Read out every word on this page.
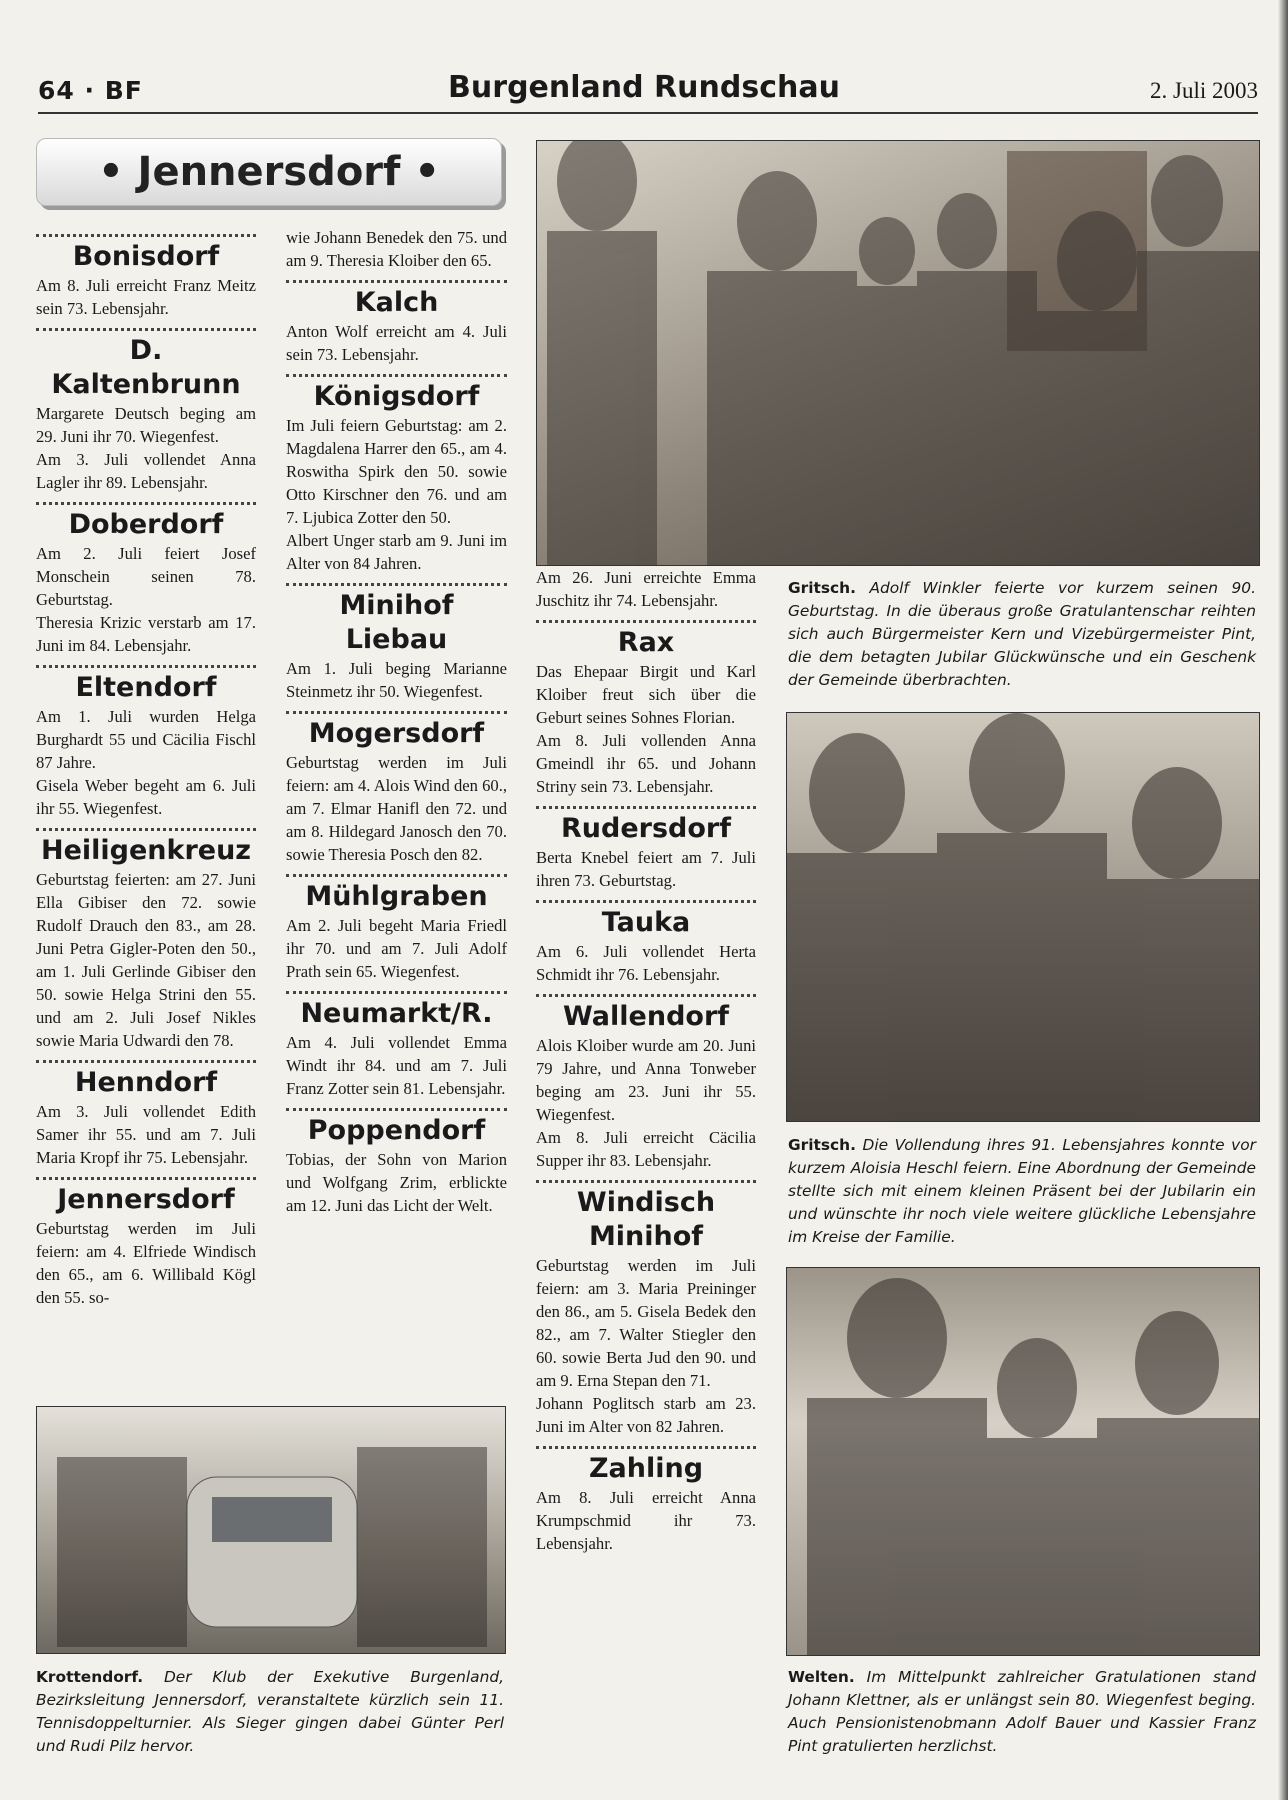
64 · BF	Burgenland Rundschau	2. Juli 2003
• Jennersdorf •
Bonisdorf

Am 8. Juli erreicht Franz Meitz sein 73. Lebensjahr.

D. Kaltenbrunn

Margarete Deutsch beging am 29. Juni ihr 70. Wiegenfest.

Am 3. Juli vollendet Anna Lagler ihr 89. Lebensjahr.

Doberdorf

Am 2. Juli feiert Josef Monschein seinen 78. Geburtstag.

Theresia Krizic verstarb am 17. Juni im 84. Lebensjahr.

Eltendorf

Am 1. Juli wurden Helga Burghardt 55 und Cäcilia Fischl 87 Jahre.

Gisela Weber begeht am 6. Juli ihr 55. Wiegenfest.

Heiligenkreuz

Geburtstag feierten: am 27. Juni Ella Gibiser den 72. sowie Rudolf Drauch den 83., am 28. Juni Petra Gigler-Poten den 50., am 1. Juli Gerlinde Gibiser den 50. sowie Helga Strini den 55. und am 2. Juli Josef Nikles sowie Maria Udwardi den 78.

Henndorf

Am 3. Juli vollendet Edith Samer ihr 55. und am 7. Juli Maria Kropf ihr 75. Lebensjahr.

Jennersdorf

Geburtstag werden im Juli feiern: am 4. Elfriede Windisch den 65., am 6. Willibald Kögl den 55. so-

wie Johann Benedek den 75. und am 9. Theresia Kloiber den 65.

Kalch

Anton Wolf erreicht am 4. Juli sein 73. Lebensjahr.

Königsdorf

Im Juli feiern Geburtstag: am 2. Magdalena Harrer den 65., am 4. Roswitha Spirk den 50. sowie Otto Kirschner den 76. und am 7. Ljubica Zotter den 50.

Albert Unger starb am 9. Juni im Alter von 84 Jahren.

Minihof Liebau

Am 1. Juli beging Marianne Steinmetz ihr 50. Wiegenfest.

Mogersdorf

Geburtstag werden im Juli feiern: am 4. Alois Wind den 60., am 7. Elmar Hanifl den 72. und am 8. Hildegard Janosch den 70. sowie Theresia Posch den 82.

Mühlgraben

Am 2. Juli begeht Maria Friedl ihr 70. und am 7. Juli Adolf Prath sein 65. Wiegenfest.

Neumarkt/R.

Am 4. Juli vollendet Emma Windt ihr 84. und am 7. Juli Franz Zotter sein 81. Lebensjahr.

Poppendorf

Tobias, der Sohn von Marion und Wolfgang Zrim, erblickte am 12. Juni das Licht der Welt.

Am 26. Juni erreichte Emma Juschitz ihr 74. Lebensjahr.

Rax

Das Ehepaar Birgit und Karl Kloiber freut sich über die Geburt seines Sohnes Florian.

Am 8. Juli vollenden Anna Gmeindl ihr 65. und Johann Striny sein 73. Lebensjahr.

Rudersdorf

Berta Knebel feiert am 7. Juli ihren 73. Geburtstag.

Tauka

Am 6. Juli vollendet Herta Schmidt ihr 76. Lebensjahr.

Wallendorf

Alois Kloiber wurde am 20. Juni 79 Jahre, und Anna Tonweber beging am 23. Juni ihr 55. Wiegenfest.

Am 8. Juli erreicht Cäcilia Supper ihr 83. Lebensjahr.

Windisch Minihof

Geburtstag werden im Juli feiern: am 3. Maria Preininger den 86., am 5. Gisela Bedek den 82., am 7. Walter Stiegler den 60. sowie Berta Jud den 90. und am 9. Erna Stepan den 71.

Johann Poglitsch starb am 23. Juni im Alter von 82 Jahren.

Zahling

Am 8. Juli erreicht Anna Krumpschmid ihr 73. Lebensjahr.

Gritsch. Adolf Winkler feierte vor kurzem seinen 90. Geburtstag. In die überaus große Gratulantenschar reihten sich auch Bürgermeister Kern und Vizebürgermeister Pint, die dem betagten Jubilar Glückwünsche und ein Geschenk der Gemeinde überbrachten.
Gritsch. Die Vollendung ihres 91. Lebensjahres konnte vor kurzem Aloisia Heschl feiern. Eine Abordnung der Gemeinde stellte sich mit einem kleinen Präsent bei der Jubilarin ein und wünschte ihr noch viele weitere glückliche Lebensjahre im Kreise der Familie.
Welten. Im Mittelpunkt zahlreicher Gratulationen stand Johann Klettner, als er unlängst sein 80. Wiegenfest beging. Auch Pensionistenobmann Adolf Bauer und Kassier Franz Pint gratulierten herzlichst.
Krottendorf. Der Klub der Exekutive Burgenland, Bezirksleitung Jennersdorf, veranstaltete kürzlich sein 11. Tennisdoppelturnier. Als Sieger gingen dabei Günter Perl und Rudi Pilz hervor.
